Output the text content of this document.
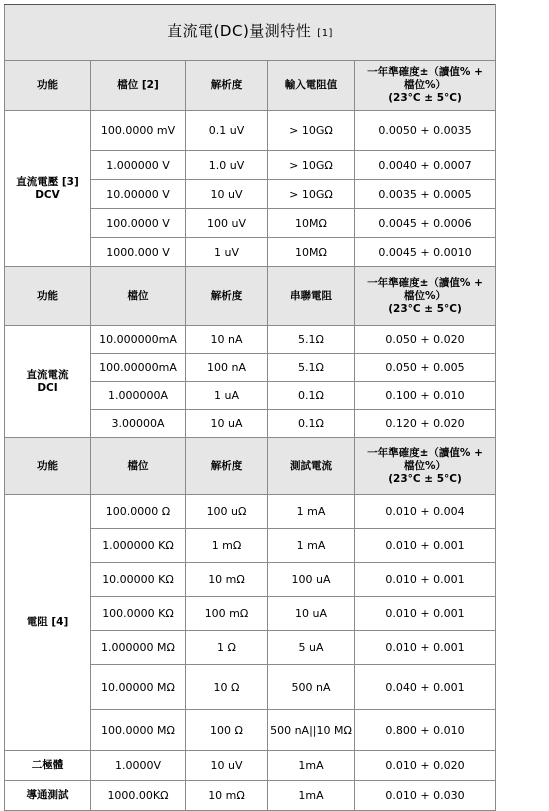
直流電(DC)量測特性 [1]				
功能	檔位 [2]	解析度	輸入電阻值	一年準確度±（讀值% +
檔位%）
(23°C ± 5°C)

直流電壓 [3]
DCV	100.0000 mV	0.1 uV	> 10GΩ	0.0050 + 0.0035
	1.000000 V	1.0 uV	> 10GΩ	0.0040 + 0.0007
	10.00000 V	10 uV	> 10GΩ	0.0035 + 0.0005
	100.0000 V	100 uV	10MΩ	0.0045 + 0.0006
	1000.000 V	1 uV	10MΩ	0.0045 + 0.0010
功能	檔位	解析度	串聯電阻	一年準確度±（讀值% +
檔位%）
(23°C ± 5°C)

直流電流
DCI	10.000000mA	10 nA	5.1Ω	0.050 + 0.020
	100.00000mA	100 nA	5.1Ω	0.050 + 0.005
	1.000000A	1 uA	0.1Ω	0.100 + 0.010
	3.00000A	10 uA	0.1Ω	0.120 + 0.020
功能	檔位	解析度	測試電流	一年準確度±（讀值% +
檔位%）
(23°C ± 5°C)

電阻 [4]	100.0000 Ω	100 uΩ	1 mA	0.010 + 0.004
	1.000000 KΩ	1 mΩ	1 mA	0.010 + 0.001
	10.00000 KΩ	10 mΩ	100 uA	0.010 + 0.001
	100.0000 KΩ	100 mΩ	10 uA	0.010 + 0.001
	1.000000 MΩ	1 Ω	5 uA	0.010 + 0.001
	10.00000 MΩ	10 Ω	500 nA	0.040 + 0.001
	100.0000 MΩ	100 Ω	500 nA||10 MΩ	0.800 + 0.010
二極體	1.0000V	10 uV	1mA	0.010 + 0.020
導通測試	1000.00KΩ	10 mΩ	1mA	0.010 + 0.030
